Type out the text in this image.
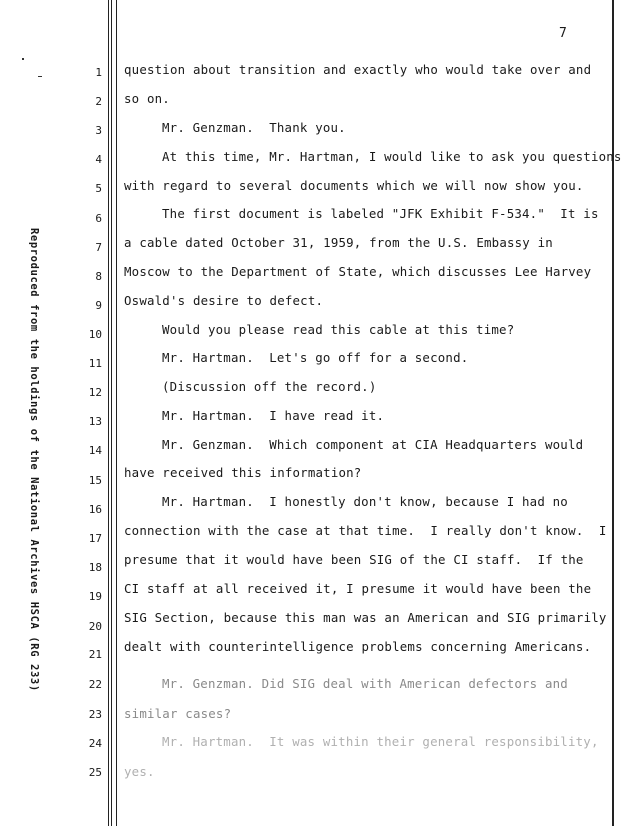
7
Reproduced from the holdings of the National Archives HSCA (RG 233)
1
2
3
4
5
6
7
8
9
10
11
12
13
14
15
16
17
18
19
20
21
22
23
24
25
question about transition and exactly who would take over and
so on.
Mr. Genzman.  Thank you.
At this time, Mr. Hartman, I would like to ask you questions
with regard to several documents which we will now show you.
The first document is labeled "JFK Exhibit F-534."  It is
a cable dated October 31, 1959, from the U.S. Embassy in
Moscow to the Department of State, which discusses Lee Harvey
Oswald's desire to defect.
Would you please read this cable at this time?
Mr. Hartman.  Let's go off for a second.
(Discussion off the record.)
Mr. Hartman.  I have read it.
Mr. Genzman.  Which component at CIA Headquarters would
have received this information?
Mr. Hartman.  I honestly don't know, because I had no
connection with the case at that time.  I really don't know.  I
presume that it would have been SIG of the CI staff.  If the
CI staff at all received it, I presume it would have been the
SIG Section, because this man was an American and SIG primarily
dealt with counterintelligence problems concerning Americans.
Mr. Genzman. Did SIG deal with American defectors and
similar cases?
Mr. Hartman.  It was within their general responsibility,
yes.
